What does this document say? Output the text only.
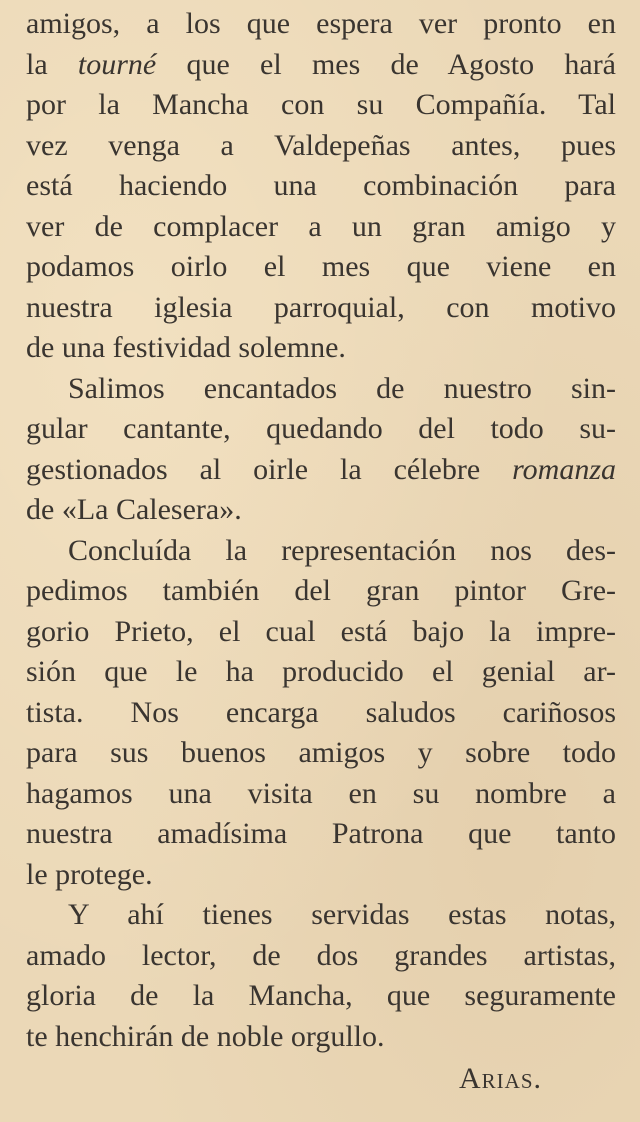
amigos, a los que espera ver pronto en
la tourné que el mes de Agosto hará
por la Mancha con su Compañía. Tal
vez venga a Valdepeñas antes, pues
está haciendo una combinación para
ver de complacer a un gran amigo y
podamos oirlo el mes que viene en
nuestra iglesia parroquial, con motivo
de una festividad solemne.
Salimos encantados de nuestro sin-
gular cantante, quedando del todo su-
gestionados al oirle la célebre romanza
de «La Calesera».
Concluída la representación nos des-
pedimos también del gran pintor Gre-
gorio Prieto, el cual está bajo la impre-
sión que le ha producido el genial ar-
tista. Nos encarga saludos cariñosos
para sus buenos amigos y sobre todo
hagamos una visita en su nombre a
nuestra amadísima Patrona que tanto
le protege.
Y ahí tienes servidas estas notas,
amado lector, de dos grandes artistas,
gloria de la Mancha, que seguramente
te henchirán de noble orgullo.
Arias.
